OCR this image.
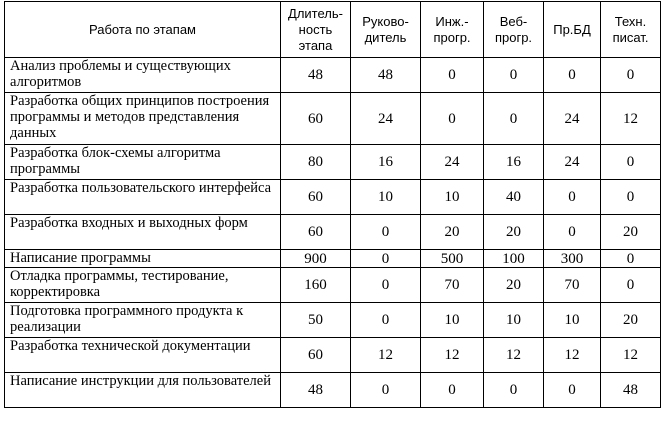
Работа по этапам	Длитель-ность этапа	Руково-дитель	Инж.-прогр.	Веб-прогр.	Пр.БД	Техн. писат.
Анализ проблемы и существующих алгоритмов	48	48	0	0	0	0
Разработка общих принципов построения программы и методов представления данных	60	24	0	0	24	12
Разработка блок-схемы алгоритма программы	80	16	24	16	24	0
Разработка пользовательского интерфейса	60	10	10	40	0	0
Разработка входных и выходных форм	60	0	20	20	0	20
Написание программы	900	0	500	100	300	0
Отладка программы, тестирование, корректировка	160	0	70	20	70	0
Подготовка программного продукта к реализации	50	0	10	10	10	20
Разработка технической документации	60	12	12	12	12	12
Написание инструкции для пользователей	48	0	0	0	0	48
